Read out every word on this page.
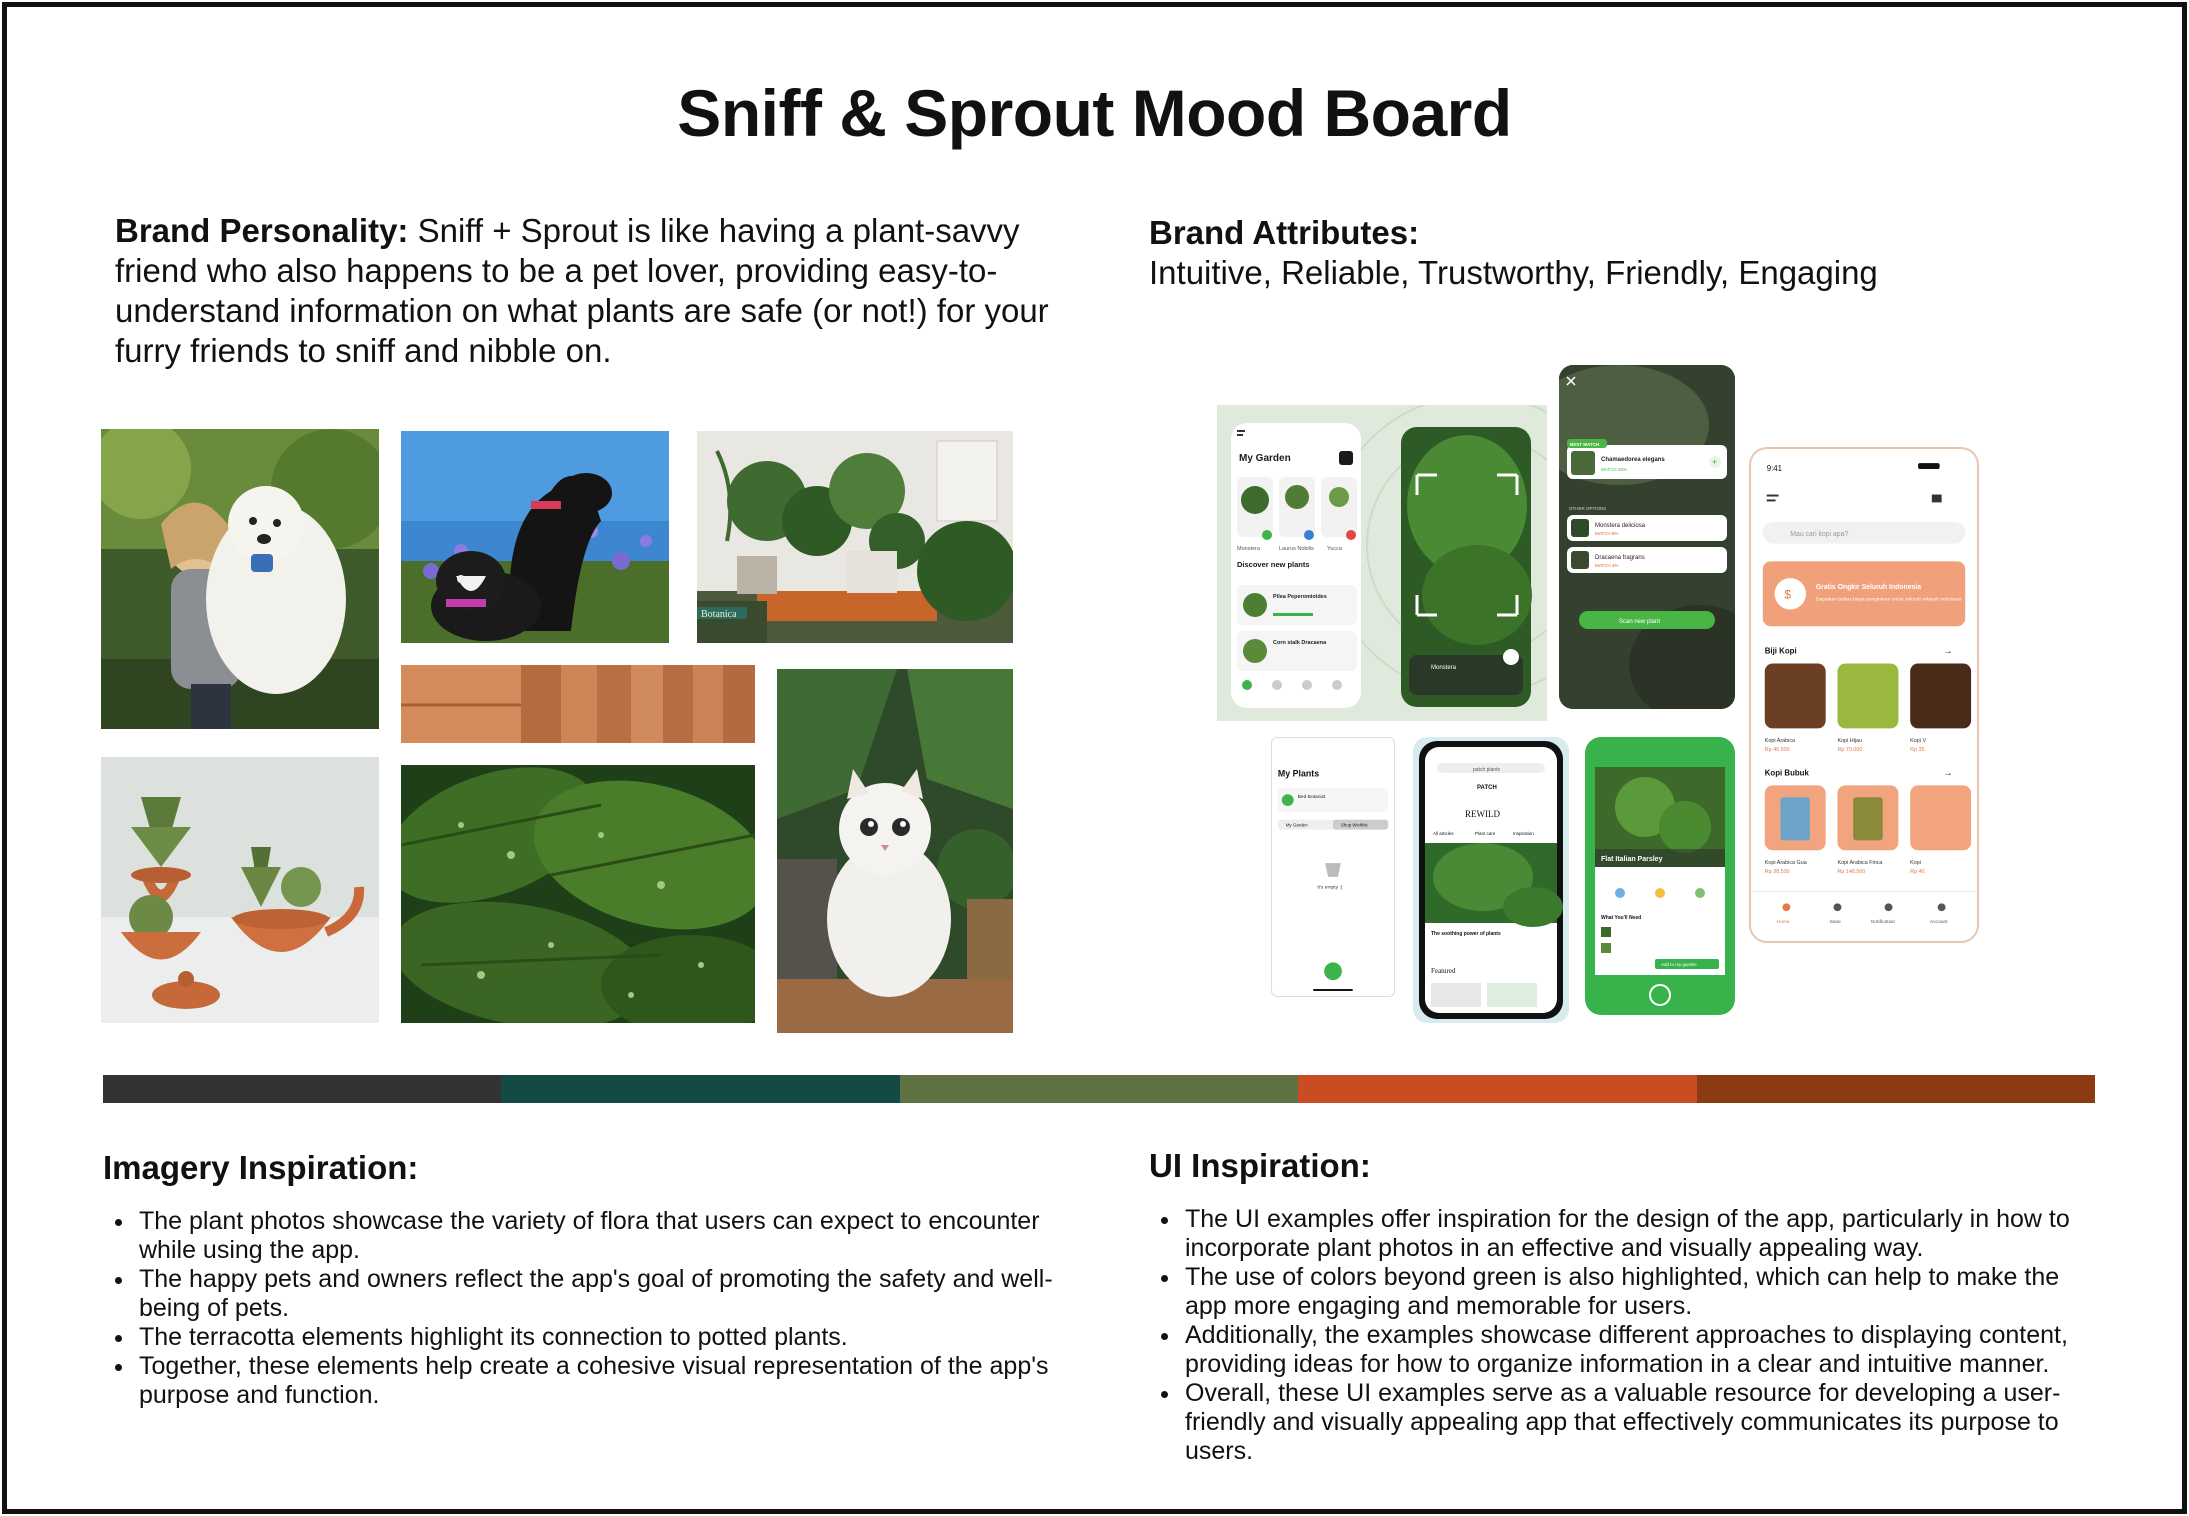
Sniff & Sprout Mood Board
Brand Personality: Sniff + Sprout is like having a plant-savvy friend who also happens to be a pet lover, providing easy-to-understand information on what plants are safe (or not!) for your furry friends to sniff and nibble on.
Brand Attributes:
Intuitive, Reliable, Trustworthy, Friendly, Engaging
Botanica
My Garden
Monstera	Laurus Nobilis Yucca
Discover new plants
Pilea Peperomioides
Corn stalk Dracaena
Monstera
BEST MATCH
Chamaedorea elegans
MATCH 25%
+
OTHER OPTIONS
Monstera deliciosa
MATCH 8%
Dracaena fragrans
MATCH 4%
Scan new plant
9:41
Mau cari kopi apa?
$
Gratis Ongkir Seluruh Indonesia
Dapatkan bebas biaya pengiriman untuk seluruh wilayah Indonesia
Biji Kopi	→
Kopi Arabica
Rp 46.500
Kopi Hijau
Rp 70.000
Kopi V
Rp 35.
Kopi Bubuk	→
Kopi Arabica Gua
Rp 38.500
Kopi Arabica Finca
Rp 148.500
Kopi
Rp 40.
Home	Save	Notification	Account
My Plants
Bed Botanist
My Garden	Shop Wishlist
It's empty :(
patch plants
PATCH
REWILD
All articles	Plant care	Inspiration
The soothing power of plants
Featured
Flat Italian Parsley
What You'll Need
Add to my garden
Imagery Inspiration:
The plant photos showcase the variety of flora that users can expect to encounter while using the app.
The happy pets and owners reflect the app's goal of promoting the safety and well-being of pets.
The terracotta elements highlight its connection to potted plants.
Together, these elements help create a cohesive visual representation of the app's purpose and function.
UI Inspiration:
The UI examples offer inspiration for the design of the app, particularly in how to incorporate plant photos in an effective and visually appealing way.
The use of colors beyond green is also highlighted, which can help to make the app more engaging and memorable for users.
Additionally, the examples showcase different approaches to displaying content, providing ideas for how to organize information in a clear and intuitive manner.
Overall, these UI examples serve as a valuable resource for developing a user-friendly and visually appealing app that effectively communicates its purpose to users.
